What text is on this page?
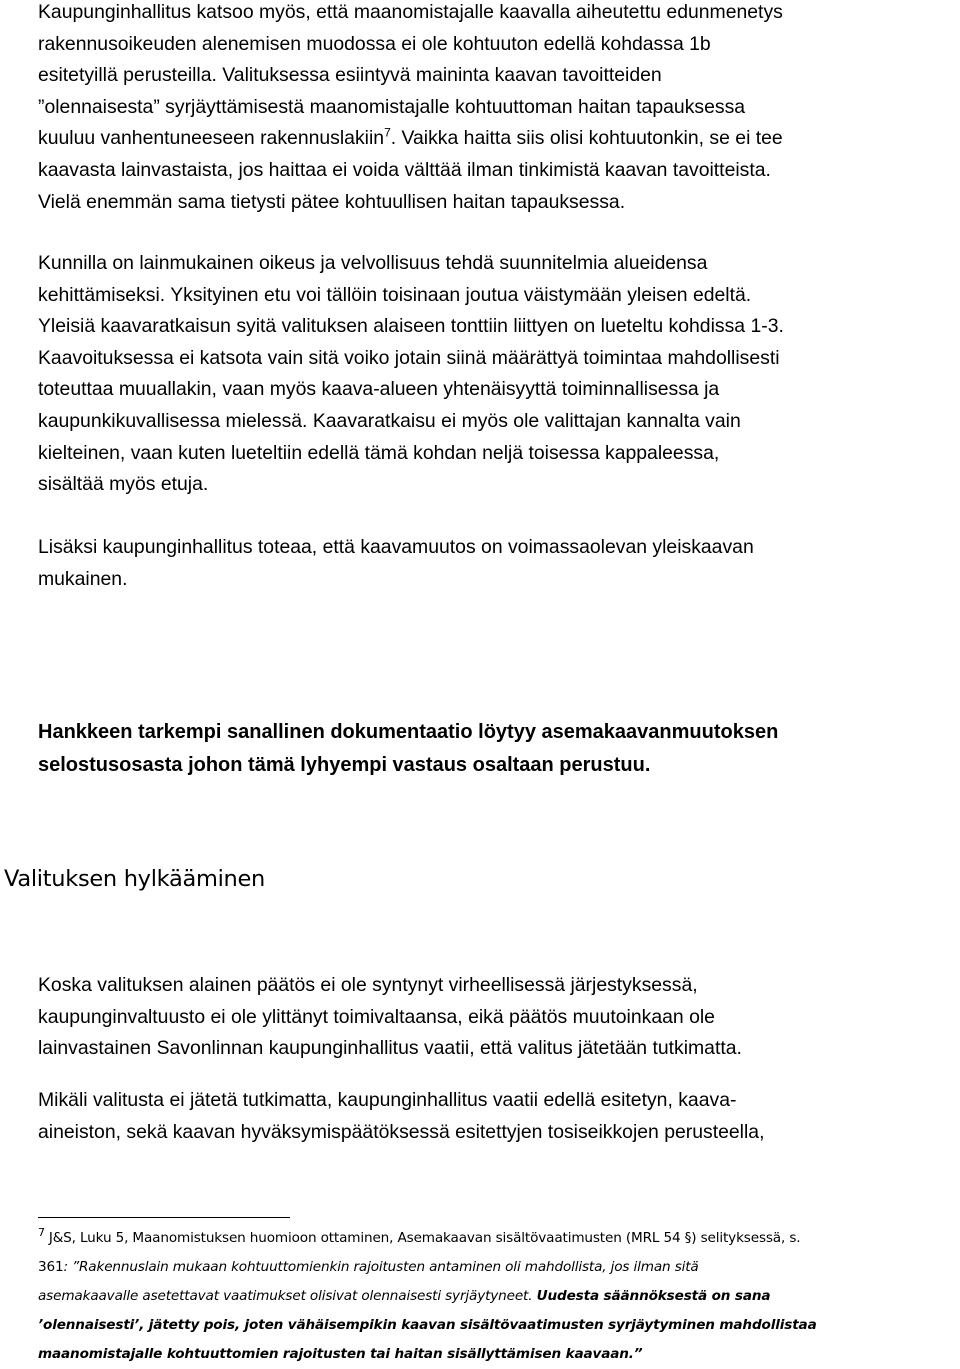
Kaupunginhallitus katsoo myös, että maanomistajalle kaavalla aiheutettu edunmenetys
rakennusoikeuden alenemisen muodossa ei ole kohtuuton edellä kohdassa 1b
esitetyillä perusteilla. Valituksessa esiintyvä maininta kaavan tavoitteiden
”olennaisesta” syrjäyttämisestä maanomistajalle kohtuuttoman haitan tapauksessa
kuuluu vanhentuneeseen rakennuslakiin$^7$. Vaikka haitta siis olisi kohtuutonkin, se ei tee
kaavasta lainvastaista, jos haittaa ei voida välttää ilman tinkimistä kaavan tavoitteista.
Vielä enemmän sama tietysti pätee kohtuullisen haitan tapauksessa.
Kunnilla on lainmukainen oikeus ja velvollisuus tehdä suunnitelmia alueidensa
kehittämiseksi. Yksityinen etu voi tällöin toisinaan joutua väistymään yleisen edeltä.
Yleisiä kaavaratkaisun syitä valituksen alaiseen tonttiin liittyen on lueteltu kohdissa 1-3.
Kaavoituksessa ei katsota vain sitä voiko jotain siinä määrättyä toimintaa mahdollisesti
toteuttaa muuallakin, vaan myös kaava-alueen yhtenäisyyttä toiminnallisessa ja
kaupunkikuvallisessa mielessä. Kaavaratkaisu ei myös ole valittajan kannalta vain
kielteinen, vaan kuten lueteltiin edellä tämä kohdan neljä toisessa kappaleessa,
sisältää myös etuja.
Lisäksi kaupunginhallitus toteaa, että kaavamuutos on voimassaolevan yleiskaavan
mukainen.
Hankkeen tarkempi sanallinen dokumentaatio löytyy asemakaavanmuutoksen
selostusosasta johon tämä lyhyempi vastaus osaltaan perustuu.
Valituksen hylkääminen
Koska valituksen alainen päätös ei ole syntynyt virheellisessä järjestyksessä,
kaupunginvaltuusto ei ole ylittänyt toimivaltaansa, eikä päätös muutoinkaan ole
lainvastainen Savonlinnan kaupunginhallitus vaatii, että valitus jätetään tutkimatta.
Mikäli valitusta ei jätetä tutkimatta, kaupunginhallitus vaatii edellä esitetyn, kaava-
aineiston, sekä kaavan hyväksymispäätöksessä esitettyjen tosiseikkojen perusteella,
$^7$ J&S, Luku 5, Maanomistuksen huomioon ottaminen, Asemakaavan sisältövaatimusten (MRL 54 §) selityksessä, s.
361: ”Rakennuslain mukaan kohtuuttomienkin rajoitusten antaminen oli mahdollista, jos ilman sitä
asemakaavalle asetettavat vaatimukset olisivat olennaisesti syrjäytyneet. Uudesta säännöksestä on sana
’olennaisesti’, jätetty pois, joten vähäisempikin kaavan sisältövaatimusten syrjäytyminen mahdollistaa
maanomistajalle kohtuuttomien rajoitusten tai haitan sisällyttämisen kaavaan.”
